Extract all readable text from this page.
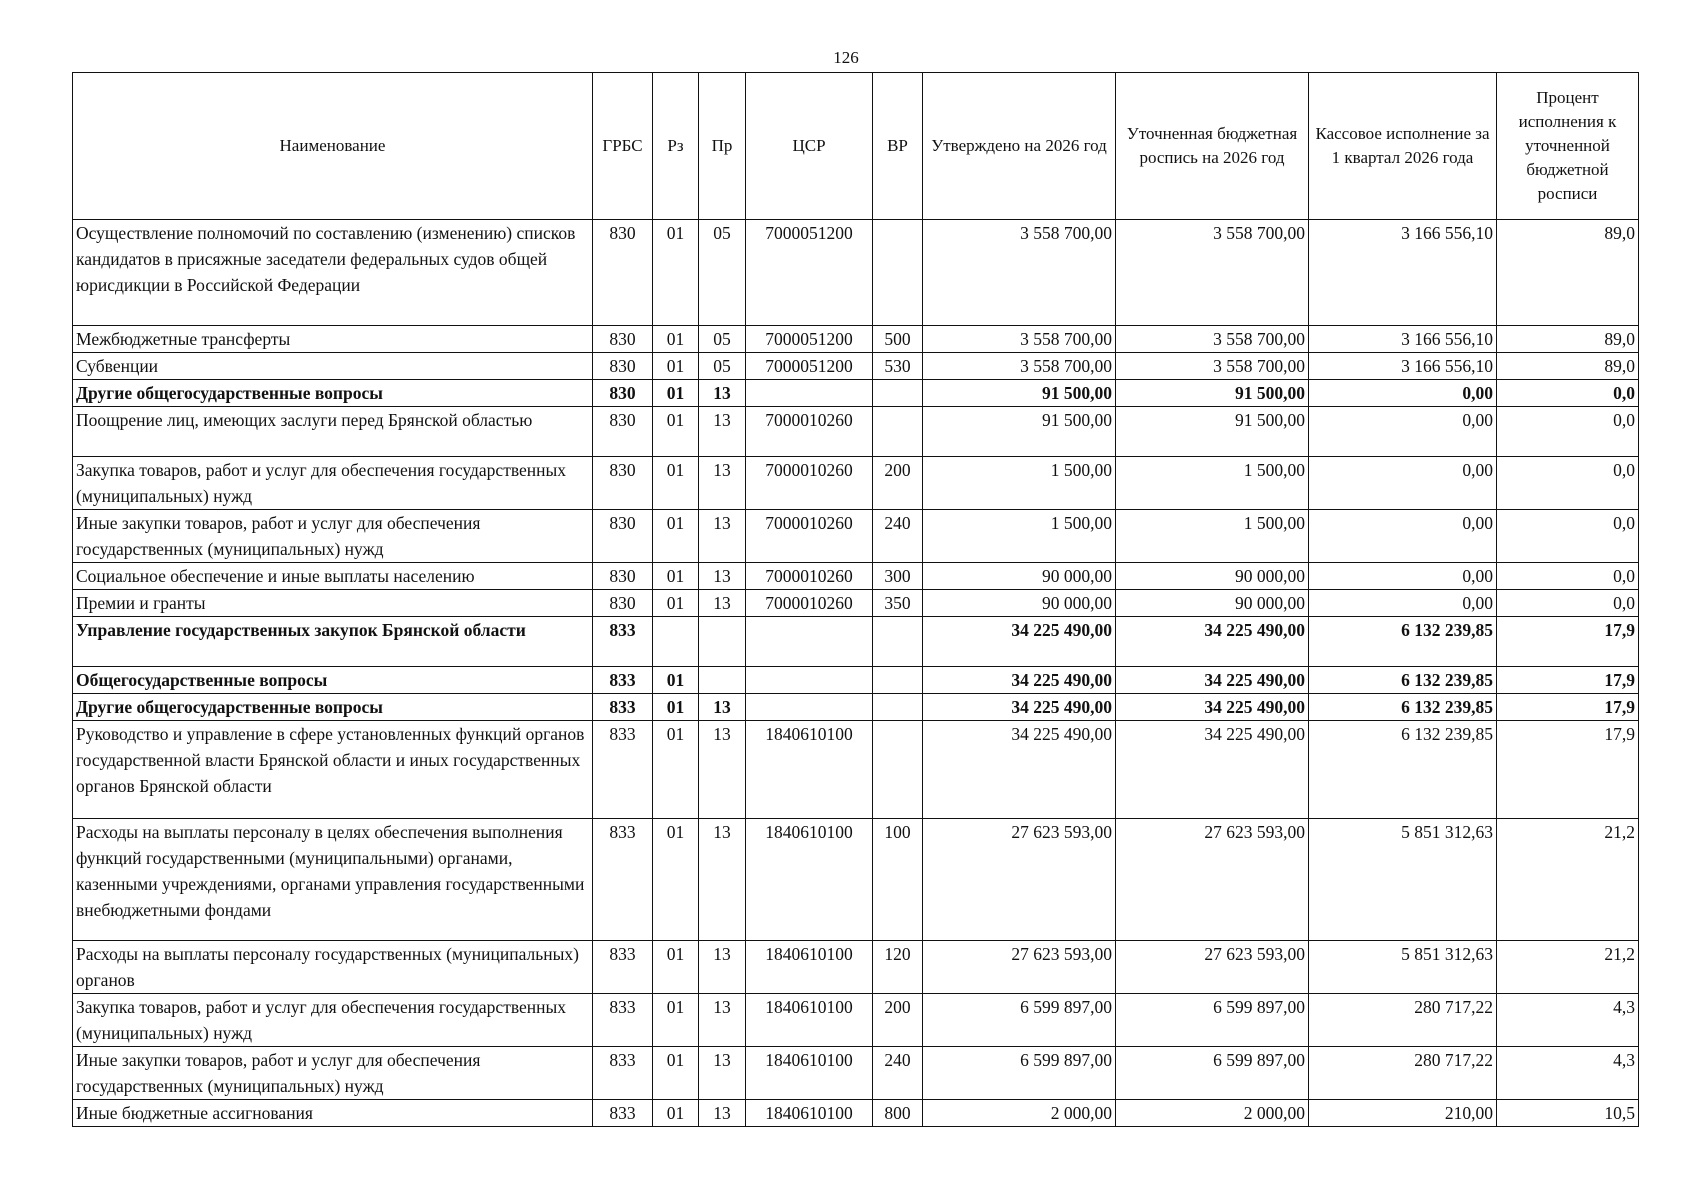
126
Наименование	ГРБС	Рз	Пр	ЦСР	ВР	Утверждено на 2026 год	Уточненная бюджетная роспись на 2026 год	Кассовое исполнение за 1 квартал 2026 года	Процент исполнения к уточненной бюджетной росписи
Осуществление полномочий по составлению (изменению) списков кандидатов в присяжные заседатели федеральных судов общей юрисдикции в Российской Федерации	830	01	05	7000051200		3 558 700,00	3 558 700,00	3 166 556,10	89,0
Межбюджетные трансферты	830	01	05	7000051200	500	3 558 700,00	3 558 700,00	3 166 556,10	89,0
Субвенции	830	01	05	7000051200	530	3 558 700,00	3 558 700,00	3 166 556,10	89,0
Другие общегосударственные вопросы	830	01	13			91 500,00	91 500,00	0,00	0,0
Поощрение лиц, имеющих заслуги перед Брянской областью	830	01	13	7000010260		91 500,00	91 500,00	0,00	0,0
Закупка товаров, работ и услуг для обеспечения государственных (муниципальных) нужд	830	01	13	7000010260	200	1 500,00	1 500,00	0,00	0,0
Иные закупки товаров, работ и услуг для обеспечения государственных (муниципальных) нужд	830	01	13	7000010260	240	1 500,00	1 500,00	0,00	0,0
Социальное обеспечение и иные выплаты населению	830	01	13	7000010260	300	90 000,00	90 000,00	0,00	0,0
Премии и гранты	830	01	13	7000010260	350	90 000,00	90 000,00	0,00	0,0
Управление государственных закупок Брянской области	833					34 225 490,00	34 225 490,00	6 132 239,85	17,9
Общегосударственные вопросы	833	01				34 225 490,00	34 225 490,00	6 132 239,85	17,9
Другие общегосударственные вопросы	833	01	13			34 225 490,00	34 225 490,00	6 132 239,85	17,9
Руководство и управление в сфере установленных функций органов государственной власти Брянской области и иных государственных органов Брянской области	833	01	13	1840610100		34 225 490,00	34 225 490,00	6 132 239,85	17,9
Расходы на выплаты персоналу в целях обеспечения выполнения функций государственными (муниципальными) органами, казенными учреждениями, органами управления государственными внебюджетными фондами	833	01	13	1840610100	100	27 623 593,00	27 623 593,00	5 851 312,63	21,2
Расходы на выплаты персоналу государственных (муниципальных) органов	833	01	13	1840610100	120	27 623 593,00	27 623 593,00	5 851 312,63	21,2
Закупка товаров, работ и услуг для обеспечения государственных (муниципальных) нужд	833	01	13	1840610100	200	6 599 897,00	6 599 897,00	280 717,22	4,3
Иные закупки товаров, работ и услуг для обеспечения государственных (муниципальных) нужд	833	01	13	1840610100	240	6 599 897,00	6 599 897,00	280 717,22	4,3
Иные бюджетные ассигнования	833	01	13	1840610100	800	2 000,00	2 000,00	210,00	10,5
